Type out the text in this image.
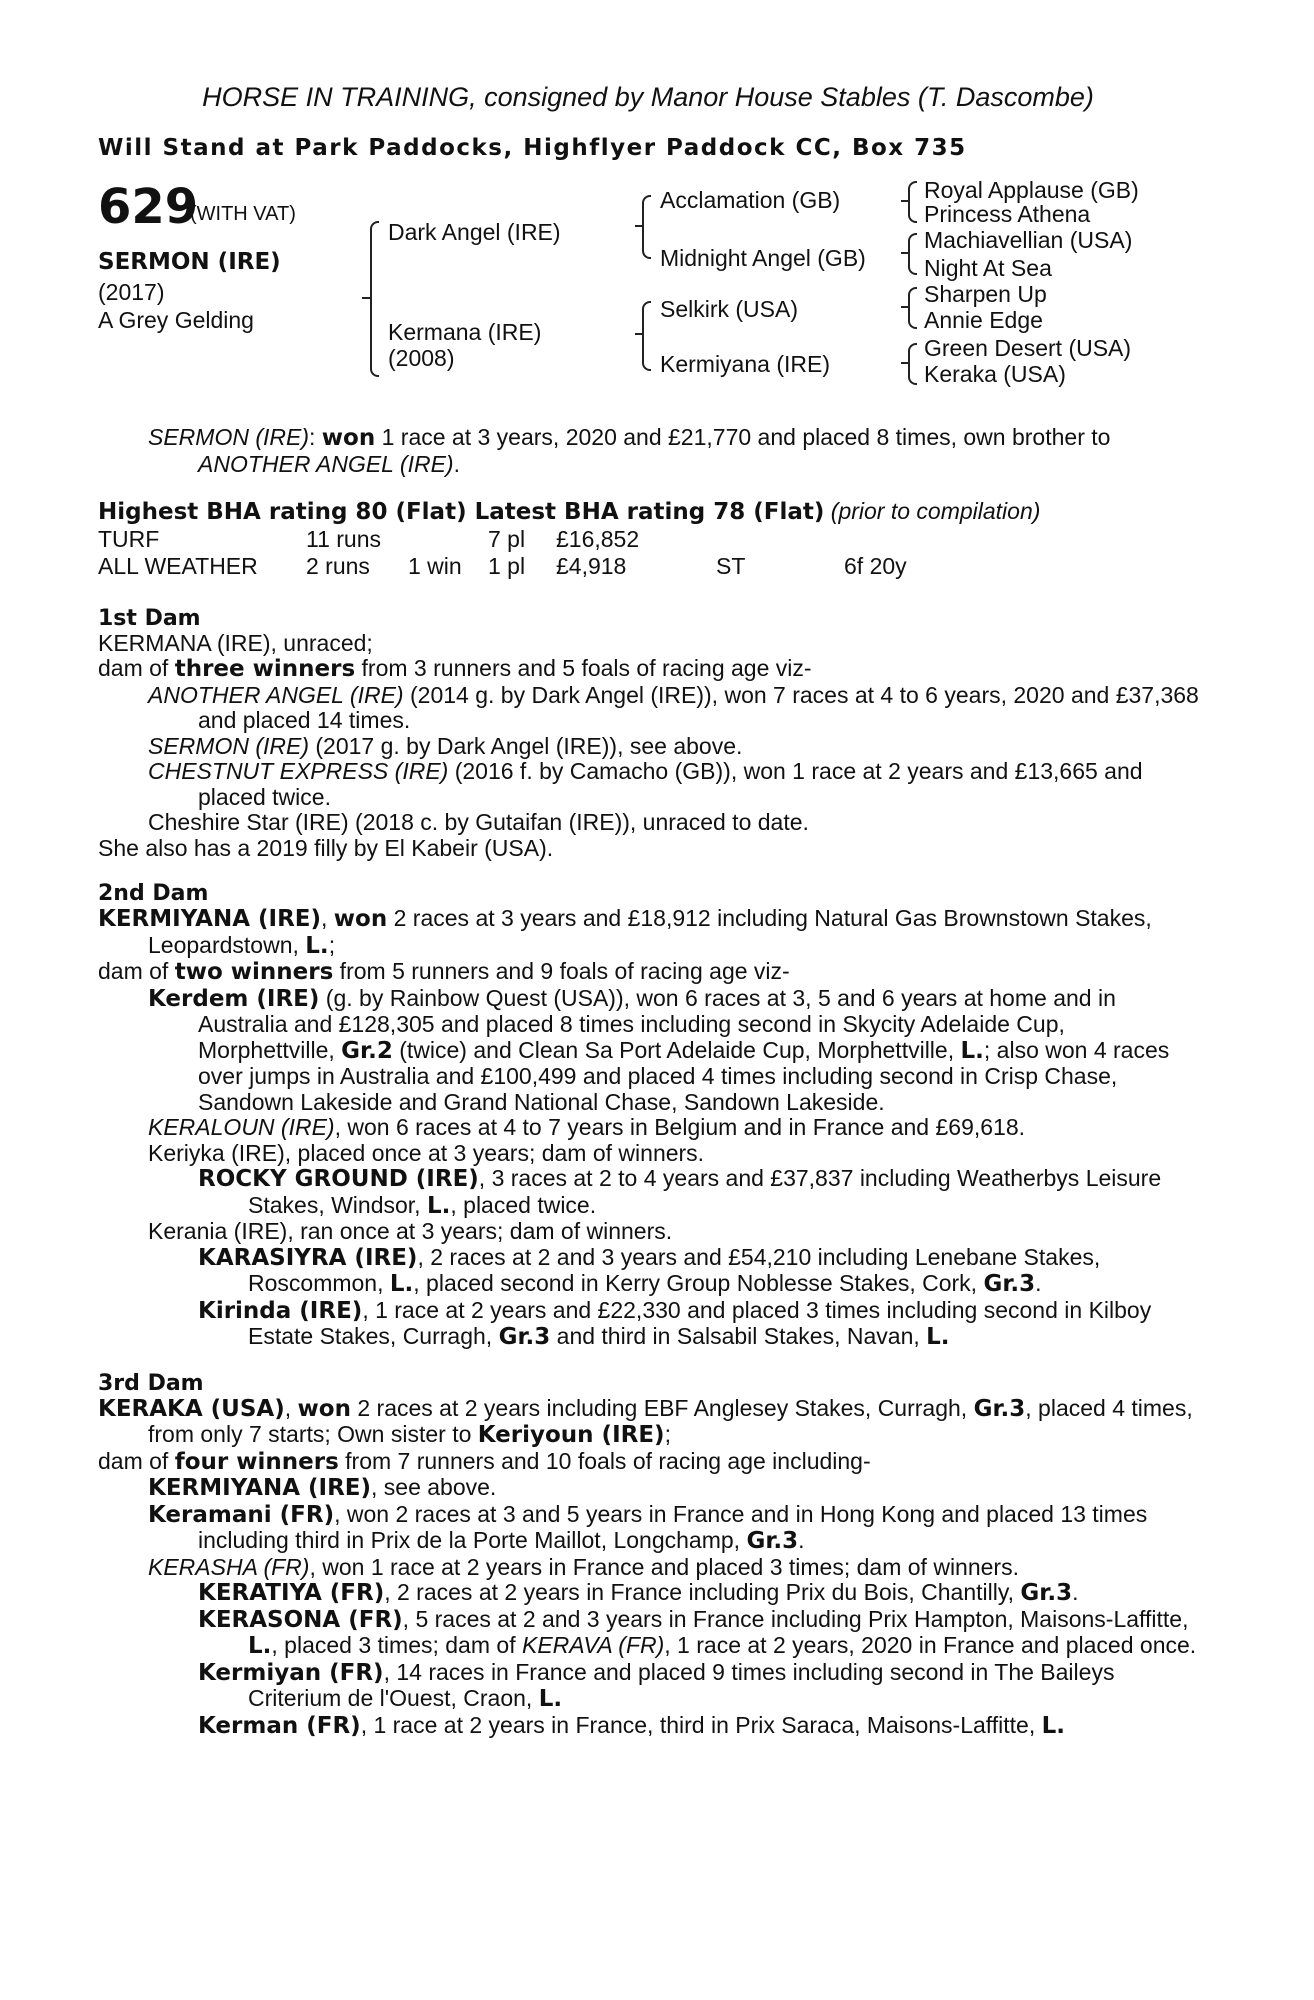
HORSE IN TRAINING, consigned by Manor House Stables (T. Dascombe)
Will Stand at Park Paddocks, Highflyer Paddock CC, Box 735
629
(WITH VAT)
SERMON (IRE)
(2017)
A Grey Gelding
Dark Angel (IRE)
Kermana (IRE)
(2008)
Acclamation (GB)
Midnight Angel (GB)
Selkirk (USA)
Kermiyana (IRE)
Royal Applause (GB)
Princess Athena
Machiavellian (USA)
Night At Sea
Sharpen Up
Annie Edge
Green Desert (USA)
Keraka (USA)

SERMON (IRE): won 1 race at 3 years, 2020 and £21,770 and placed 8 times, own brother to ANOTHER ANGEL (IRE).

Highest BHA rating 80 (Flat) Latest BHA rating 78 (Flat) (prior to compilation)

TURF	11 runs		7 pl	£16,852		
ALL WEATHER	2 runs	1 win	1 pl	£4,918	ST	6f 20y
1st Dam

KERMANA (IRE), unraced;

dam of three winners from 3 runners and 5 foals of racing age viz-

ANOTHER ANGEL (IRE) (2014 g. by Dark Angel (IRE)), won 7 races at 4 to 6 years, 2020 and £37,368 and placed 14 times.

SERMON (IRE) (2017 g. by Dark Angel (IRE)), see above.

CHESTNUT EXPRESS (IRE) (2016 f. by Camacho (GB)), won 1 race at 2 years and £13,665 and placed twice.

Cheshire Star (IRE) (2018 c. by Gutaifan (IRE)), unraced to date.

She also has a 2019 filly by El Kabeir (USA).

2nd Dam

KERMIYANA (IRE), won 2 races at 3 years and £18,912 including Natural Gas Brownstown Stakes, Leopardstown, L.;

dam of two winners from 5 runners and 9 foals of racing age viz-

Kerdem (IRE) (g. by Rainbow Quest (USA)), won 6 races at 3, 5 and 6 years at home and in Australia and £128,305 and placed 8 times including second in Skycity Adelaide Cup, Morphettville, Gr.2 (twice) and Clean Sa Port Adelaide Cup, Morphettville, L.; also won 4 races over jumps in Australia and £100,499 and placed 4 times including second in Crisp Chase, Sandown Lakeside and Grand National Chase, Sandown Lakeside.

KERALOUN (IRE), won 6 races at 4 to 7 years in Belgium and in France and £69,618.

Keriyka (IRE), placed once at 3 years; dam of winners.

ROCKY GROUND (IRE), 3 races at 2 to 4 years and £37,837 including Weatherbys Leisure Stakes, Windsor, L., placed twice.

Kerania (IRE), ran once at 3 years; dam of winners.

KARASIYRA (IRE), 2 races at 2 and 3 years and £54,210 including Lenebane Stakes, Roscommon, L., placed second in Kerry Group Noblesse Stakes, Cork, Gr.3.

Kirinda (IRE), 1 race at 2 years and £22,330 and placed 3 times including second in Kilboy Estate Stakes, Curragh, Gr.3 and third in Salsabil Stakes, Navan, L.

3rd Dam

KERAKA (USA), won 2 races at 2 years including EBF Anglesey Stakes, Curragh, Gr.3, placed 4 times, from only 7 starts; Own sister to Keriyoun (IRE);

dam of four winners from 7 runners and 10 foals of racing age including-

KERMIYANA (IRE), see above.

Keramani (FR), won 2 races at 3 and 5 years in France and in Hong Kong and placed 13 times including third in Prix de la Porte Maillot, Longchamp, Gr.3.

KERASHA (FR), won 1 race at 2 years in France and placed 3 times; dam of winners.

KERATIYA (FR), 2 races at 2 years in France including Prix du Bois, Chantilly, Gr.3.

KERASONA (FR), 5 races at 2 and 3 years in France including Prix Hampton, Maisons-Laffitte, L., placed 3 times; dam of KERAVA (FR), 1 race at 2 years, 2020 in France and placed once.

Kermiyan (FR), 14 races in France and placed 9 times including second in The Baileys Criterium de l'Ouest, Craon, L.

Kerman (FR), 1 race at 2 years in France, third in Prix Saraca, Maisons-Laffitte, L.
